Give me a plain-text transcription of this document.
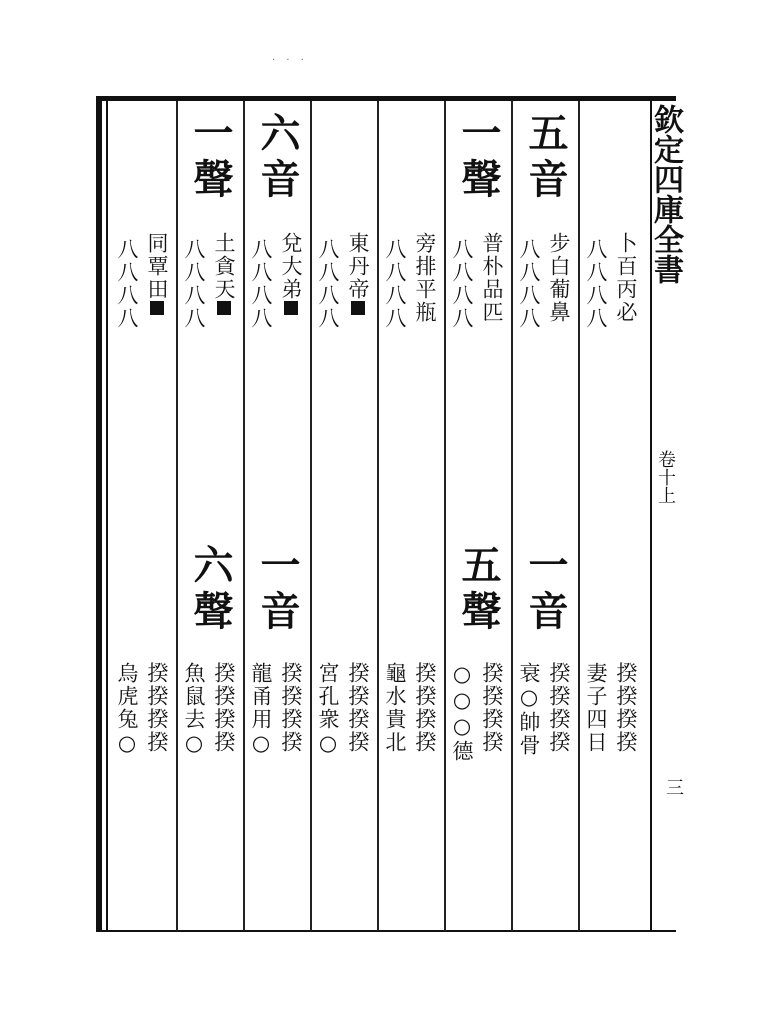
· · ·
欽定四庫全書
卷十上
三
卜百丙必
八八八八
揆揆揆揆
妻子四日
五音
步白葡鼻
八八八八
一音
揆揆揆揆
衰○帥骨
一聲
普朴品匹
八八八八
五聲
揆揆揆揆
○○○德
旁排平瓶
八八八八
揆揆揆揆
龜水貴北
東丹帝
八八八八
揆揆揆揆
宮孔衆○
六音
兌大弟
八八八八
一音
揆揆揆揆
龍甬用○
一聲
土貪天
八八八八
六聲
揆揆揆揆
魚鼠去○
同覃田
八八八八
揆揆揆揆
烏虎兔○
